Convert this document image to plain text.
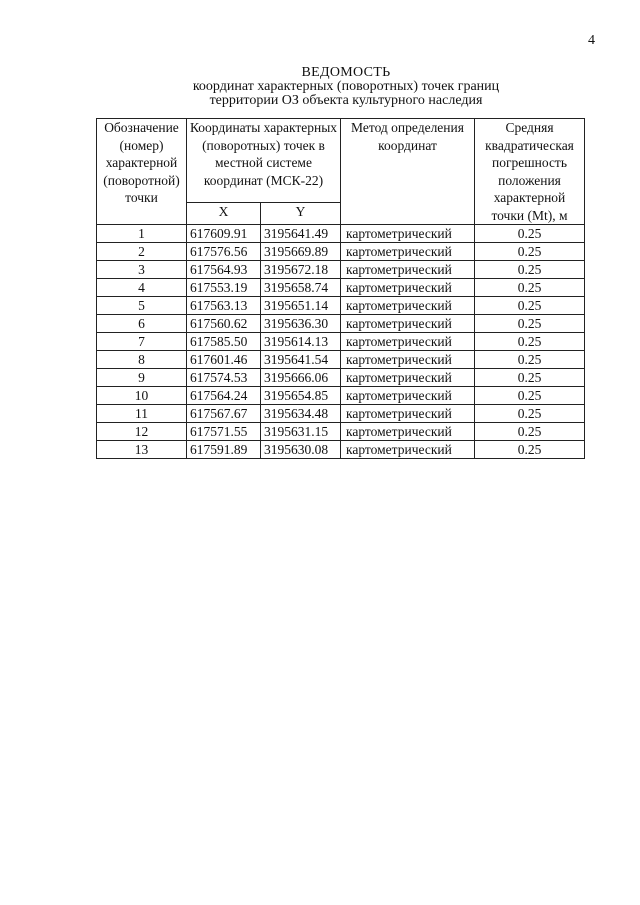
4
ВЕДОМОСТЬ
координат характерных (поворотных) точек границ
территории ОЗ объекта культурного наследия
Обозначение (номер) характерной (поворотной) точки	Координаты характерных (поворотных) точек в местной системе координат (МСК-22)		Метод определения координат	Средняя квадратическая погрешность положения характерной точки (Mt), м
	X	Y		
1	617609.91	3195641.49	картометрический	0.25
2	617576.56	3195669.89	картометрический	0.25
3	617564.93	3195672.18	картометрический	0.25
4	617553.19	3195658.74	картометрический	0.25
5	617563.13	3195651.14	картометрический	0.25
6	617560.62	3195636.30	картометрический	0.25
7	617585.50	3195614.13	картометрический	0.25
8	617601.46	3195641.54	картометрический	0.25
9	617574.53	3195666.06	картометрический	0.25
10	617564.24	3195654.85	картометрический	0.25
11	617567.67	3195634.48	картометрический	0.25
12	617571.55	3195631.15	картометрический	0.25
13	617591.89	3195630.08	картометрический	0.25
